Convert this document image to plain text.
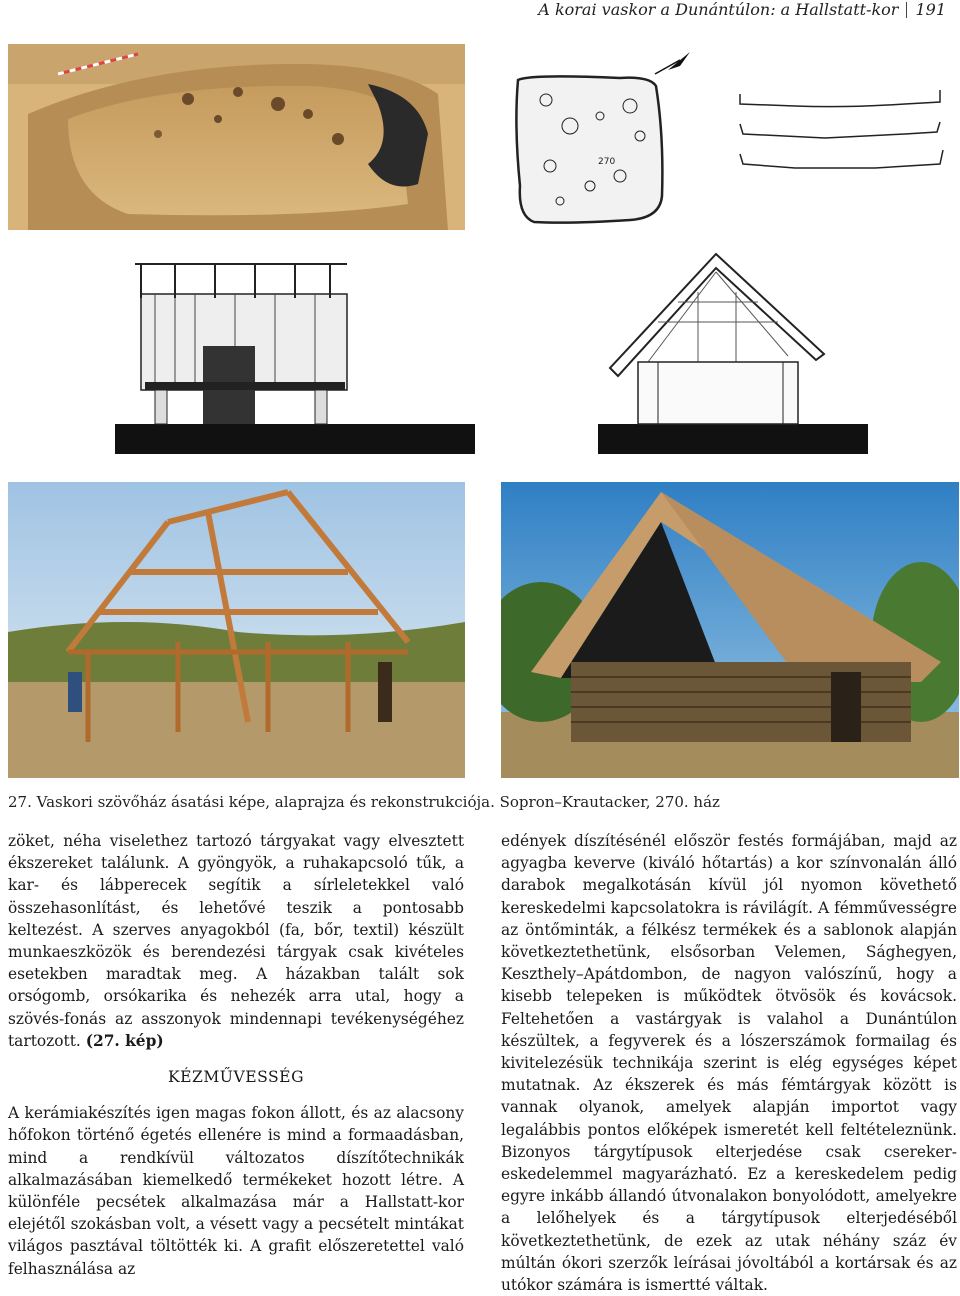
A korai vaskor a Dunántúlon: a Hallstatt-kor 191
270
27. Vaskori szövőház ásatási képe, alaprajza és rekonstrukciója. Sopron–Krautacker, 270. ház

zöket, néha viselethez tartozó tárgyakat vagy elvesztett ékszereket találunk. A gyöngyök, a ruhakapcsoló tűk, a kar- és lábperecek segítik a sírleletekkel való összehasonlítást, és lehetővé teszik a pontosabb keltezést. A szerves anyagokból (fa, bőr, textil) készült munkaeszközök és berendezési tárgyak csak kivételes esetekben maradtak meg. A házakban talált sok orsógomb, orsókarika és nehezék arra utal, hogy a szövés-fonás az asszonyok mindennapi tevékenységéhez tartozott. (27. kép)

KÉZMŰVESSÉG

A kerámiakészítés igen magas fokon állott, és az alacsony hőfokon történő égetés ellenére is mind a formaadásban, mind a rendkívül változatos díszítőtechnikák alkalmazásában kiemelkedő termékeket hozott létre. A különféle pecsétek alkalmazása már a Hallstatt-kor elejétől szokásban volt, a vésett vagy a pecsételt mintákat világos pasztával töltötték ki. A grafit előszeretettel való felhasználása az

edények díszítésénél először festés formájában, majd az agyagba keverve (kiváló hőtartás) a kor színvonalán álló darabok megalkotásán kívül jól nyomon követhető kereskedelmi kapcsolatokra is rávilágít. A fémművességre az öntőminták, a félkész termékek és a sablonok alapján következtethetünk, elsősorban Velemen, Sághegyen, Keszthely–Apátdombon, de nagyon valószínű, hogy a kisebb telepeken is működtek ötvösök és kovácsok. Feltehetően a vastárgyak is valahol a Dunántúlon készültek, a fegyverek és a lószerszámok formailag és kivitelezésük technikája szerint is elég egységes képet mutatnak. Az ékszerek és más fémtárgyak között is vannak olyanok, amelyek alapján importot vagy legalábbis pontos előképek ismeretét kell feltételeznünk. Bizonyos tárgytípusok elterjedése csak cserekereskedelemmel magyarázható. Ez a kereskedelem pedig egyre inkább állandó útvonalakon bonyolódott, amelyekre a lelőhelyek és a tárgytípusok elterjedéséből következtethetünk, de ezek az utak néhány száz év múltán ókori szerzők leírásai jóvoltából a kortársak és az utókor számára is ismertté váltak.
